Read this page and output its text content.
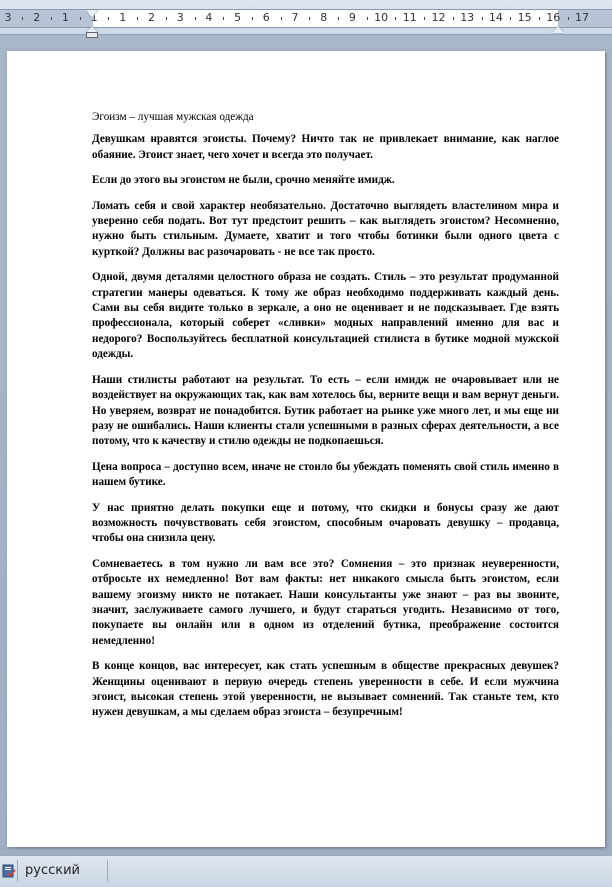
3 2 1 1 1 2 3 4 5 6 7 8 9 10 11 12 13 14 15 16 17

Эгоизм – лучшая мужская одежда

Девушкам нравятся эгоисты. Почему? Ничто так не привлекает внимание, как наглое обаяние. Эгоист знает, чего хочет и всегда это получает.

Если до этого вы эгоистом не были, срочно меняйте имидж.

Ломать себя и свой характер необязательно. Достаточно выглядеть властелином мира и уверенно себя подать. Вот тут предстоит решить – как выглядеть эгоистом? Несомненно, нужно быть стильным. Думаете, хватит и того чтобы ботинки были одного цвета с курткой? Должны вас разочаровать - не все так просто.

Одной, двумя деталями целостного образа не создать. Стиль – это результат продуманной стратегии манеры одеваться. К тому же образ необходимо поддерживать каждый день. Сами вы себя видите только в зеркале, а оно не оценивает и не подсказывает. Где взять профессионала, который соберет «сливки» модных направлений именно для вас и недорого? Воспользуйтесь бесплатной консультацией стилиста в бутике модной мужской одежды.

Наши стилисты работают на результат. То есть – если имидж не очаровывает или не воздействует на окружающих так, как вам хотелось бы, верните вещи и вам вернут деньги. Но уверяем, возврат не понадобится. Бутик работает на рынке уже много лет, и мы еще ни разу не ошибались. Наши клиенты стали успешными в разных сферах деятельности, а все потому, что к качеству и стилю одежды не подкопаешься.

Цена вопроса – доступно всем, иначе не стоило бы убеждать поменять свой стиль именно в нашем бутике.

У нас приятно делать покупки еще и потому, что скидки и бонусы сразу же дают возможность почувствовать себя эгоистом, способным очаровать девушку – продавца, чтобы она снизила цену.

Сомневаетесь в том нужно ли вам все это? Сомнения – это признак неуверенности, отбросьте их немедленно! Вот вам факты: нет никакого смысла быть эгоистом, если вашему эгоизму никто не потакает. Наши консультанты уже знают – раз вы звоните, значит, заслуживаете самого лучшего, и будут стараться угодить. Независимо от того, покупаете вы онлайн или в одном из отделений бутика, преображение состоится немедленно!

В конце концов, вас интересует, как стать успешным в обществе прекрасных девушек? Женщины оценивают в первую очередь степень уверенности в себе. И если мужчина эгоист, высокая степень этой уверенности, не вызывает сомнений. Так станьте тем, кто нужен девушкам, а мы сделаем образ эгоиста – безупречным!

русский
